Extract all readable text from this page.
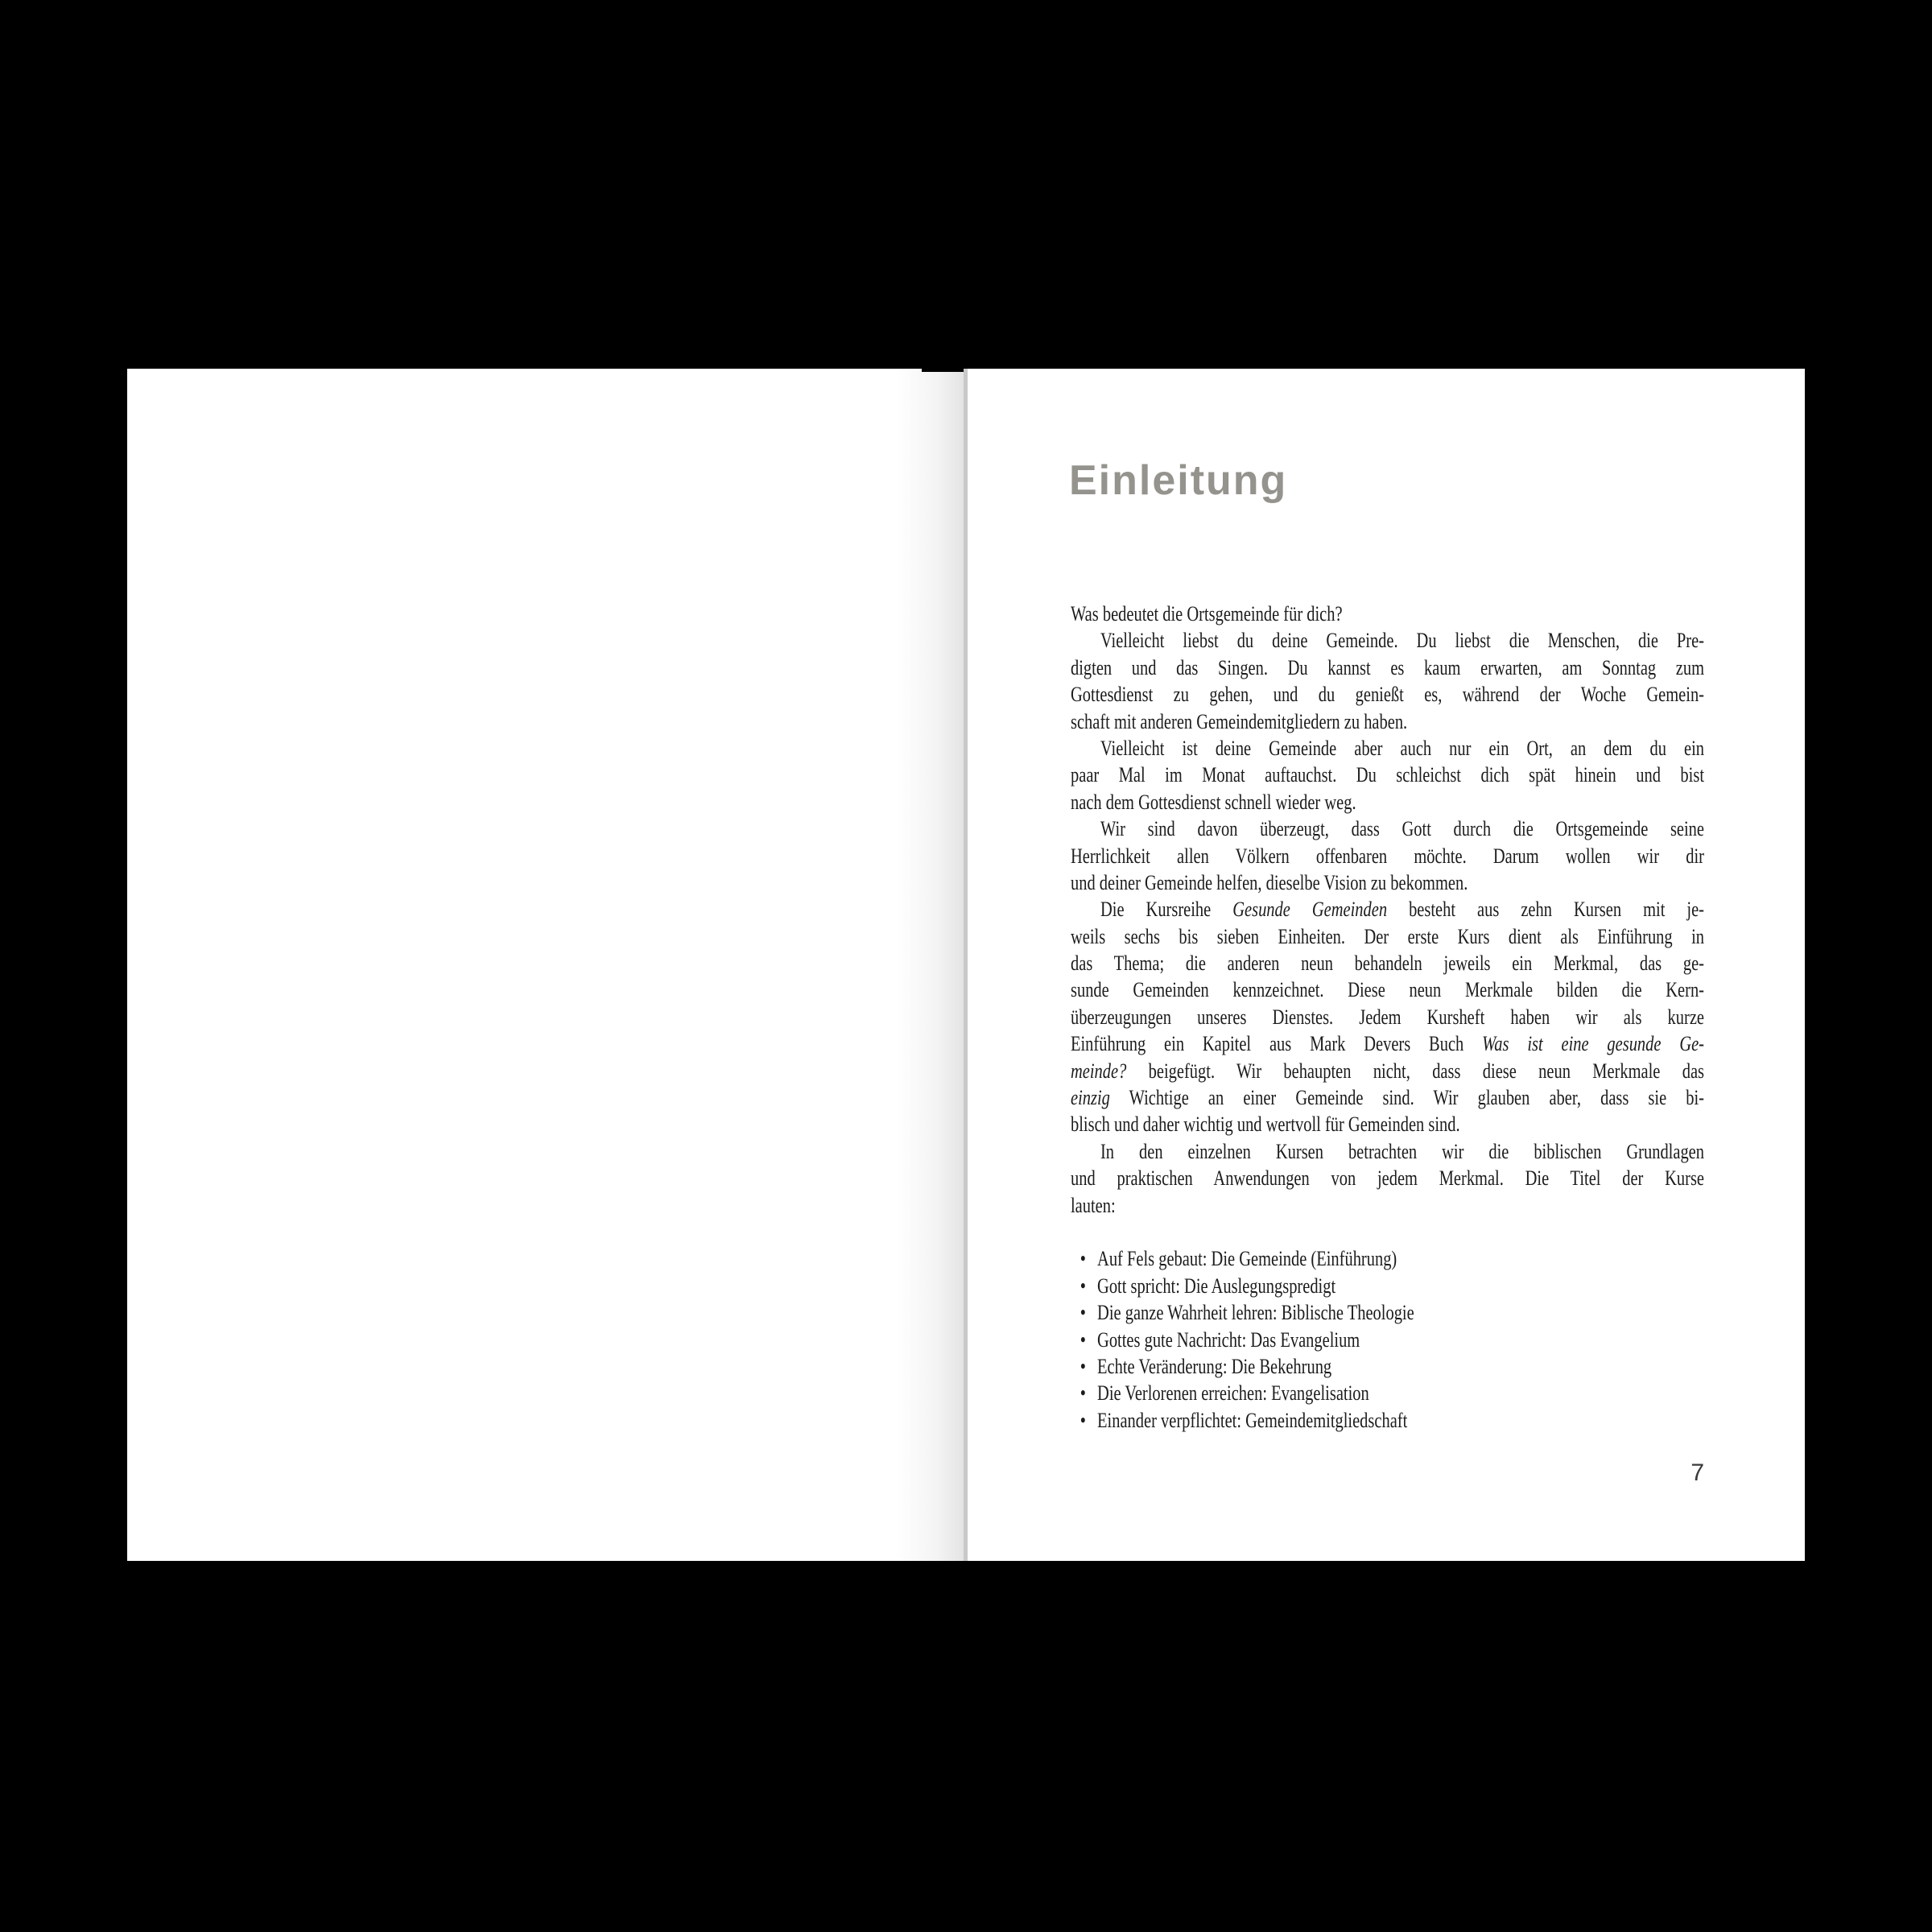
Einleitung
Was bedeutet die Ortsgemeinde für dich?
Vielleicht liebst du deine Gemeinde. Du liebst die Menschen, die Pre-
digten und das Singen. Du kannst es kaum erwarten, am Sonntag zum
Gottesdienst zu gehen, und du genießt es, während der Woche Gemein-
schaft mit anderen Gemeindemitgliedern zu haben.
Vielleicht ist deine Gemeinde aber auch nur ein Ort, an dem du ein
paar Mal im Monat auftauchst. Du schleichst dich spät hinein und bist
nach dem Gottesdienst schnell wieder weg.
Wir sind davon überzeugt, dass Gott durch die Ortsgemeinde seine
Herrlichkeit allen Völkern offenbaren möchte. Darum wollen wir dir
und deiner Gemeinde helfen, dieselbe Vision zu bekommen.
Die Kursreihe Gesunde Gemeinden besteht aus zehn Kursen mit je-
weils sechs bis sieben Einheiten. Der erste Kurs dient als Einführung in
das Thema; die anderen neun behandeln jeweils ein Merkmal, das ge-
sunde Gemeinden kennzeichnet. Diese neun Merkmale bilden die Kern-
überzeugungen unseres Dienstes. Jedem Kursheft haben wir als kurze
Einführung ein Kapitel aus Mark Devers Buch Was ist eine gesunde Ge-
meinde? beigefügt. Wir behaupten nicht, dass diese neun Merkmale das
einzig Wichtige an einer Gemeinde sind. Wir glauben aber, dass sie bi-
blisch und daher wichtig und wertvoll für Gemeinden sind.
In den einzelnen Kursen betrachten wir die biblischen Grundlagen
und praktischen Anwendungen von jedem Merkmal. Die Titel der Kurse
lauten:
• Auf Fels gebaut: Die Gemeinde (Einführung)
• Gott spricht: Die Auslegungspredigt
• Die ganze Wahrheit lehren: Biblische Theologie
• Gottes gute Nachricht: Das Evangelium
• Echte Veränderung: Die Bekehrung
• Die Verlorenen erreichen: Evangelisation
• Einander verpflichtet: Gemeindemitgliedschaft
7
